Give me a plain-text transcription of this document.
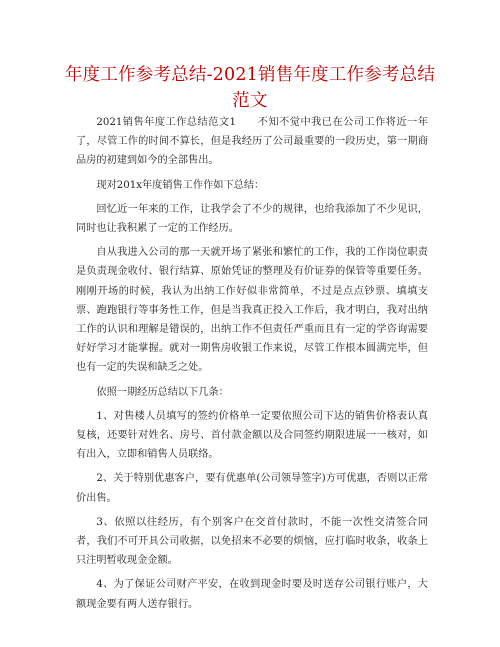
年度工作参考总结-2021销售年度工作参考总结范文

2021销售年度工作总结范文1　　不知不觉中我已在公司工作将近一年了，尽管工作的时间不算长，但是我经历了公司最重要的一段历史，第一期商品房的初建到如今的全部售出。

现对201x年度销售工作作如下总结：

回忆近一年来的工作，让我学会了不少的规律，也给我添加了不少见识，同时也让我积累了一定的工作经历。

自从我进入公司的那一天就开场了紧张和繁忙的工作，我的工作岗位职责是负责现金收付、银行结算、原始凭证的整理及有价证券的保管等重要任务。刚刚开场的时候，我认为出纳工作好似非常简单，不过是点点钞票、填填支票、跑跑银行等事务性工作，但是当我真正投入工作后，我才明白，我对出纳工作的认识和理解是错误的，出纳工作不但责任严重而且有一定的学咨询需要好好学习才能掌握。就对一期售房收银工作来说，尽管工作根本圆满完毕，但也有一定的失误和缺乏之处。

依照一期经历总结以下几条：

1、对售楼人员填写的签约价格单一定要依照公司下达的销售价格表认真复核，还要针对姓名、房号、首付款金额以及合同签约期限进展一一核对，如有出入，立即和销售人员联络。

2、关于特别优惠客户，要有优惠单(公司领导签字)方可优惠，否则以正常价出售。

3、依照以往经历，有个别客户在交首付款时，不能一次性交清签合同者，我们不可开具公司收据，以免招来不必要的烦恼，应打临时收条，收条上只注明暂收现金金额。

4、为了保证公司财产平安，在收到现金时要及时送存公司银行账户，大额现金要有两人送存银行。
